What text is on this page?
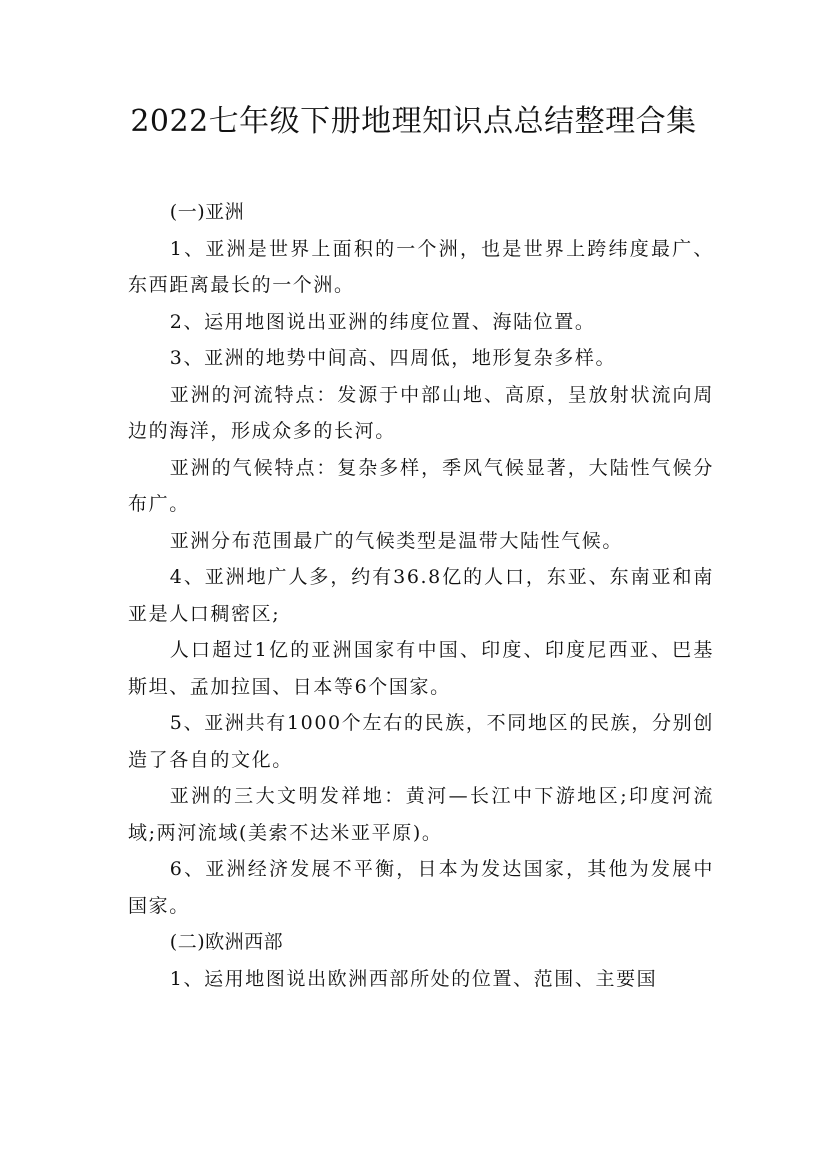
2022七年级下册地理知识点总结整理合集

(一)亚洲

1、亚洲是世界上面积的一个洲，也是世界上跨纬度最广、东西距离最长的一个洲。

2、运用地图说出亚洲的纬度位置、海陆位置。

3、亚洲的地势中间高、四周低，地形复杂多样。

亚洲的河流特点：发源于中部山地、高原，呈放射状流向周边的海洋，形成众多的长河。

亚洲的气候特点：复杂多样，季风气候显著，大陆性气候分布广。

亚洲分布范围最广的气候类型是温带大陆性气候。

4、亚洲地广人多，约有36.8亿的人口，东亚、东南亚和南亚是人口稠密区;

人口超过1亿的亚洲国家有中国、印度、印度尼西亚、巴基斯坦、孟加拉国、日本等6个国家。

5、亚洲共有1000个左右的民族，不同地区的民族，分别创造了各自的文化。

亚洲的三大文明发祥地：黄河—长江中下游地区;印度河流域;两河流域(美索不达米亚平原)。

6、亚洲经济发展不平衡，日本为发达国家，其他为发展中国家。

(二)欧洲西部

1、运用地图说出欧洲西部所处的位置、范围、主要国
